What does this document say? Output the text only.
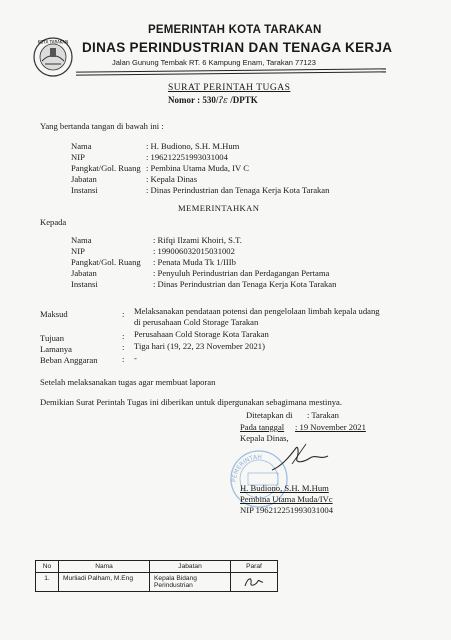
KOTA TARAKAN
PEMERINTAH KOTA TARAKAN
DINAS PERINDUSTRIAN DAN TENAGA KERJA
Jalan Gunung Tembak RT. 6 Kampung Enam, Tarakan 77123
SURAT PERINTAH TUGAS
Nomor : 530/ʔɛ /DPTK
Yang bertanda tangan di bawah ini :
Nama	: H. Budiono, S.H. M.Hum
NIP	: 196212251993031004
Pangkat/Gol. Ruang : Pembina Utama Muda, IV C
Jabatan	: Kepala Dinas
Instansi	: Dinas Perindustrian dan Tenaga Kerja Kota Tarakan
MEMERINTAHKAN
Kepada
Nama	: Rifqi Ilzami Khoiri, S.T.
NIP	: 199006032015031002
Pangkat/Gol. Ruang : Penata Muda Tk 1/IIIb
Jabatan	: Penyuluh Perindustrian dan Perdagangan Pertama
Instansi	: Dinas Perindustrian dan Tenaga Kerja Kota Tarakan
Maksud	: Melaksanakan pendataan potensi dan pengelolaan limbah kepala udang
di perusahaan Cold Storage Tarakan
Tujuan	: Perusahaan Cold Storage Kota Tarakan
Lamanya	: Tiga hari (19, 22, 23 November 2021)
Beban Anggaran	: -
Setelah melaksanakan tugas agar membuat laporan
Demikian Surat Perintah Tugas ini diberikan untuk dipergunakan sebagimana mestinya.
Ditetapkan di : Tarakan
Pada tanggal : 19 November 2021
Kepala Dinas,
PEMERINTAH
H. Budiono, S.H. M.Hum
Pembina Utama Muda/IVc
NIP 196212251993031004
No	Nama	Jabatan	Paraf
1.	Murliadi Palham, M.Eng	Kepala Bidang
Perindustrian
